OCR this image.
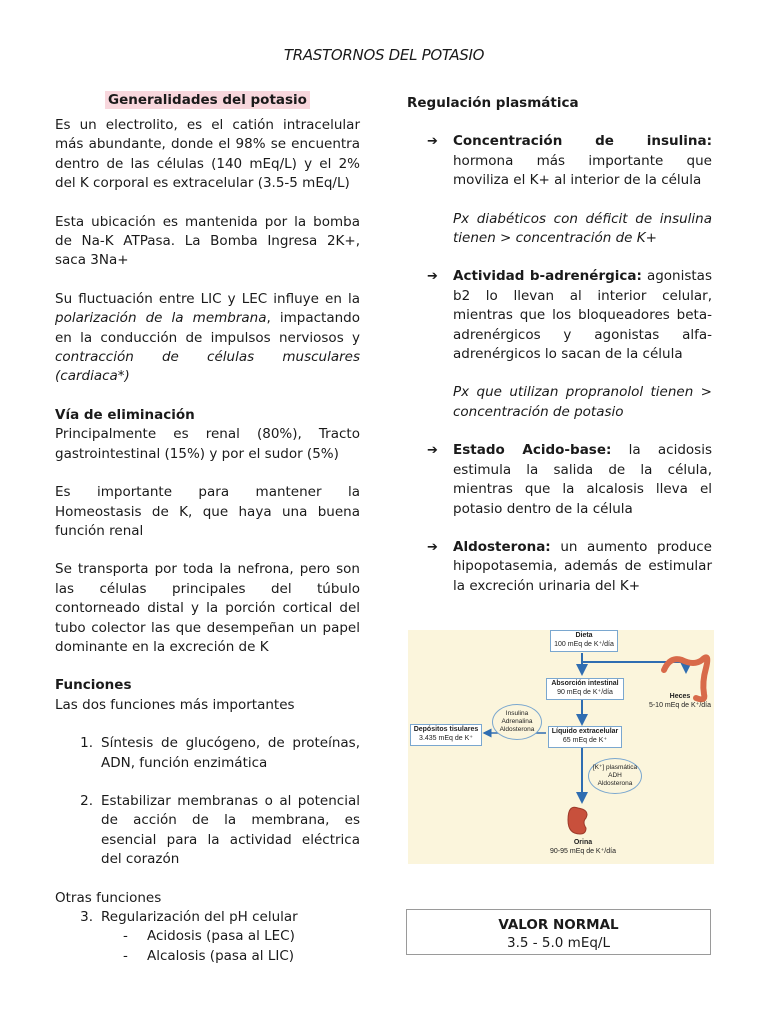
TRASTORNOS DEL POTASIO
Generalidades del potasio

Es un electrolito, es el catión intracelular más abundante, donde el 98% se encuentra dentro de las células (140 mEq/L) y el 2% del K corporal es extracelular (3.5-5 mEq/L)

Esta ubicación es mantenida por la bomba de Na-K ATPasa. La Bomba Ingresa 2K+, saca 3Na+

Su fluctuación entre LIC y LEC influye en la polarización de la membrana, impactando en la conducción de impulsos nerviosos y contracción de células musculares (cardiaca*)

Vía de eliminación

Principalmente es renal (80%), Tracto gastrointestinal (15%) y por el sudor (5%)

Es importante para mantener la Homeostasis de K, que haya una buena función renal

Se transporta por toda la nefrona, pero son las células principales del túbulo contorneado distal y la porción cortical del tubo colector las que desempeñan un papel dominante en la excreción de K

Funciones

Las dos funciones más importantes

1. Síntesis de glucógeno, de proteínas, ADN, función enzimática
2. Estabilizar membranas o al potencial de acción de la membrana, es esencial para la actividad eléctrica del corazón

Otras funciones

3. Regularización del pH celular
-	Acidosis (pasa al LEC)
-	Alcalosis (pasa al LIC)

Regulación plasmática

➔	Concentración de insulina: hormona más importante que moviliza el K+ al interior de la célula
Px diabéticos con déficit de insulina tienen > concentración de K+
➔	Actividad b-adrenérgica: agonistas b2 lo llevan al interior celular, mientras que los bloqueadores beta-adrenérgicos y agonistas alfa-adrenérgicos lo sacan de la célula
Px que utilizan propranolol tienen > concentración de potasio
➔	Estado Acido-base: la acidosis estimula la salida de la célula, mientras que la alcalosis lleva el potasio dentro de la célula
➔	Aldosterona: un aumento produce hipopotasemia, además de estimular la excreción urinaria del K+
Dieta
100 mEq de K⁺/día
Absorción intestinal
90 mEq de K⁺/día
Heces
5-10 mEq de K⁺/día
Insulina
Adrenalina
Aldosterona
Depósitos tisulares
3.435 mEq de K⁺
Líquido extracelular
65 mEq de K⁺
[K⁺] plasmática
ADH
Aldosterona
Orina
90-95 mEq de K⁺/día
VALOR NORMAL
3.5 - 5.0 mEq/L
